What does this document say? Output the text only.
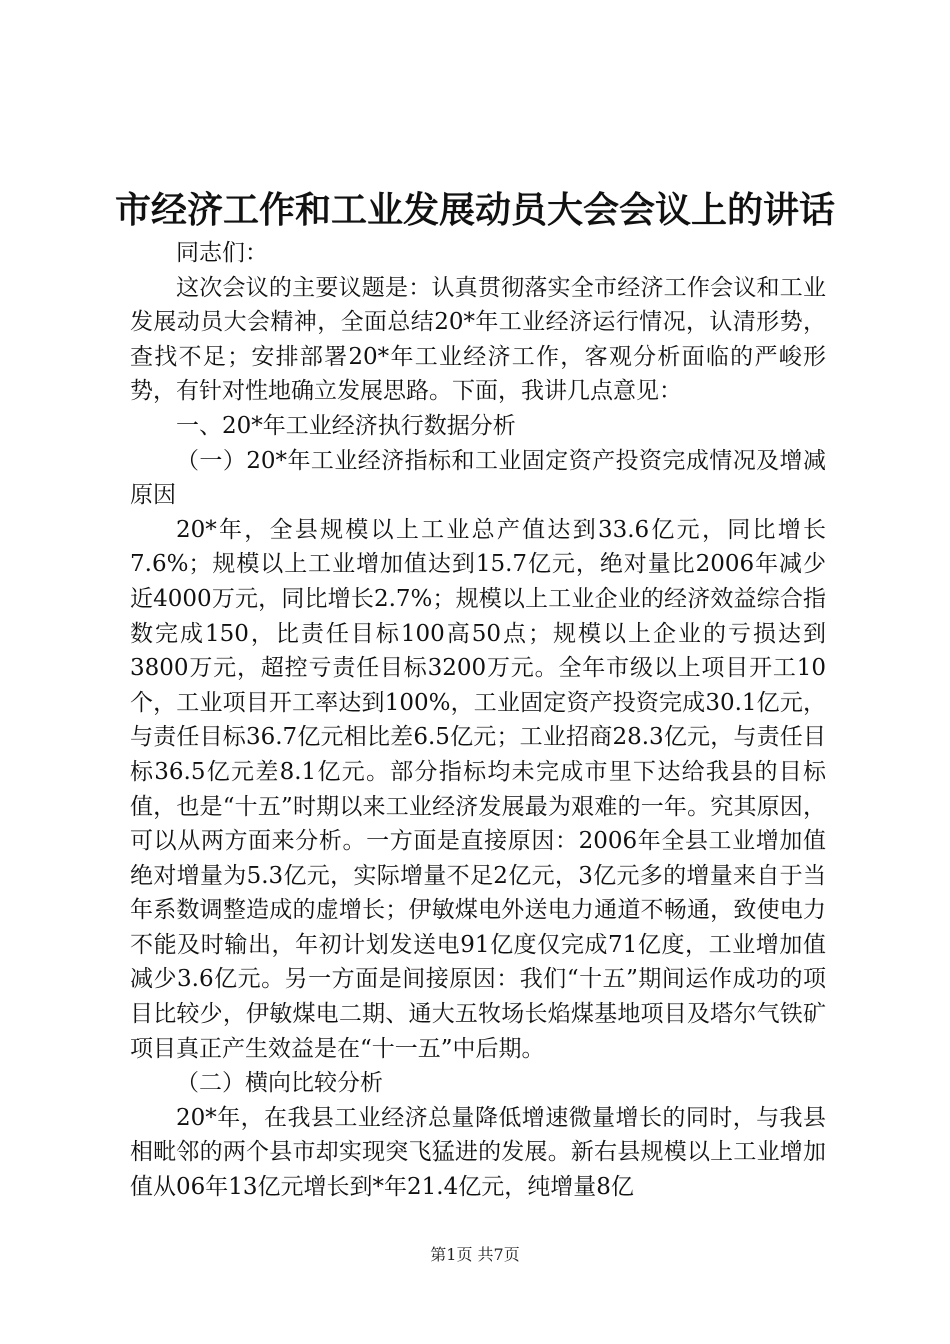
市经济工作和工业发展动员大会会议上的讲话

同志们：

这次会议的主要议题是：认真贯彻落实全市经济工作会议和工业发展动员大会精神，全面总结20*年工业经济运行情况，认清形势，查找不足；安排部署20*年工业经济工作，客观分析面临的严峻形势，有针对性地确立发展思路。下面，我讲几点意见：

一、20*年工业经济执行数据分析

（一）20*年工业经济指标和工业固定资产投资完成情况及增减原因

20*年，全县规模以上工业总产值达到33.6亿元，同比增长7.6%；规模以上工业增加值达到15.7亿元，绝对量比2006年减少近4000万元，同比增长2.7%；规模以上工业企业的经济效益综合指数完成150，比责任目标100高50点；规模以上企业的亏损达到3800万元，超控亏责任目标3200万元。全年市级以上项目开工10个，工业项目开工率达到100%，工业固定资产投资完成30.1亿元，与责任目标36.7亿元相比差6.5亿元；工业招商28.3亿元，与责任目标36.5亿元差8.1亿元。部分指标均未完成市里下达给我县的目标值，也是“十五”时期以来工业经济发展最为艰难的一年。究其原因，可以从两方面来分析。一方面是直接原因：2006年全县工业增加值绝对增量为5.3亿元，实际增量不足2亿元，3亿元多的增量来自于当年系数调整造成的虚增长；伊敏煤电外送电力通道不畅通，致使电力不能及时输出，年初计划发送电91亿度仅完成71亿度，工业增加值减少3.6亿元。另一方面是间接原因：我们“十五”期间运作成功的项目比较少，伊敏煤电二期、通大五牧场长焰煤基地项目及塔尔气铁矿项目真正产生效益是在“十一五”中后期。

（二）横向比较分析

20*年，在我县工业经济总量降低增速微量增长的同时，与我县相毗邻的两个县市却实现突飞猛进的发展。新右县规模以上工业增加值从06年13亿元增长到*年21.4亿元，纯增量8亿

第1页 共7页
